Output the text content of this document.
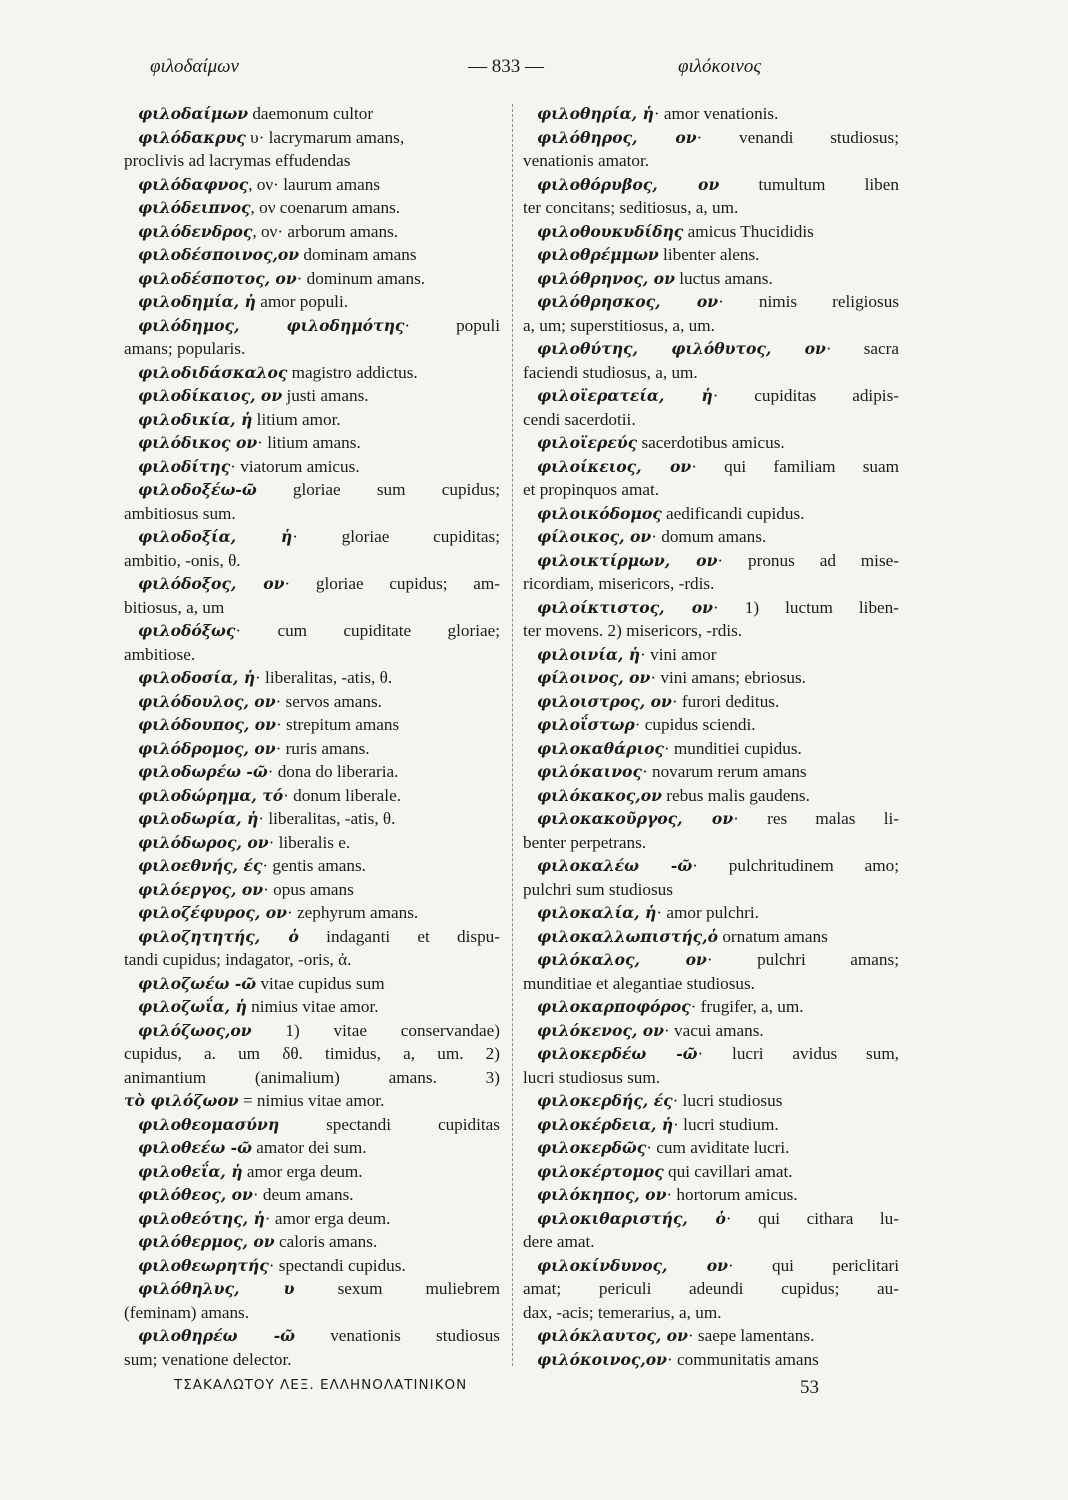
φιλοδαίμων	— 833 —	φιλόκοινος
φιλοδαίμων daemonum cultor
φιλόδακρυς υ· lacrymarum amans,
proclivis ad lacrymas effudendas
φιλόδαφνος, ον· laurum amans
φιλόδειπνος, ον coenarum amans.
φιλόδενδρος, ον· arborum amans.
φιλοδέσποινος,ον dominam amans
φιλοδέσποτος, ον· dominum amans.
φιλοδημία, ἡ amor populi.
φιλόδημος, φιλοδημότης· populi
amans; popularis.
φιλοδιδάσκαλος magistro addictus.
φιλοδίκαιος, ον justi amans.
φιλοδικία, ἡ litium amor.
φιλόδικος ον· litium amans.
φιλοδίτης· viatorum amicus.
φιλοδοξέω-ῶ gloriae sum cupidus;
ambitiosus sum.
φιλοδοξία, ἡ· gloriae cupiditas;
ambitio, -onis, θ.
φιλόδοξος, ον· gloriae cupidus; am-
bitiosus, a, um
φιλοδόξως· cum cupiditate gloriae;
ambitiose.
φιλοδοσία, ἡ· liberalitas, -atis, θ.
φιλόδουλος, ον· servos amans.
φιλόδουπος, ον· strepitum amans
φιλόδρομος, ον· ruris amans.
φιλοδωρέω -ῶ· dona do liberaria.
φιλοδώρημα, τό· donum liberale.
φιλοδωρία, ἡ· liberalitas, -atis, θ.
φιλόδωρος, ον· liberalis e.
φιλοεθνής, ές· gentis amans.
φιλόεργος, ον· opus amans
φιλοζέφυρος, ον· zephyrum amans.
φιλοζητητής, ὁ indaganti et dispu-
tandi cupidus; indagator, -oris, ἀ.
φιλοζωέω -ῶ vitae cupidus sum
φιλοζωΐα, ἡ nimius vitae amor.
φιλόζωος,ον 1) vitae conservandae)
cupidus, a. um δθ. timidus, a, um. 2)
animantium (animalium) amans. 3)
τὸ φιλόζωον = nimius vitae amor.
φιλοθεομασύνη spectandi cupiditas
φιλοθεέω -ῶ amator dei sum.
φιλοθεΐα, ἡ amor erga deum.
φιλόθεος, ον· deum amans.
φιλοθεότης, ἡ· amor erga deum.
φιλόθερμος, ον caloris amans.
φιλοθεωρητής· spectandi cupidus.
φιλόθηλυς, υ sexum muliebrem
(feminam) amans.
φιλοθηρέω -ῶ venationis studiosus
sum; venatione delector.
φιλοθηρία, ἡ· amor venationis.
φιλόθηρος, ον· venandi studiosus;
venationis amator.
φιλοθόρυβος, ον tumultum liben
ter concitans; seditiosus, a, um.
φιλοθουκυδίδης amicus Thucididis
φιλοθρέμμων libenter alens.
φιλόθρηνος, ον luctus amans.
φιλόθρησκος, ον· nimis religiosus
a, um; superstitiosus, a, um.
φιλοθύτης, φιλόθυτος, ον· sacra
faciendi studiosus, a, um.
φιλοϊερατεία, ἡ· cupiditas adipis-
cendi sacerdotii.
φιλοϊερεύς sacerdotibus amicus.
φιλοίκειος, ον· qui familiam suam
et propinquos amat.
φιλοικόδομος aedificandi cupidus.
φίλοικος, ον· domum amans.
φιλοικτίρμων, ον· pronus ad mise-
ricordiam, misericors, -rdis.
φιλοίκτιστος, ον· 1) luctum liben-
ter movens. 2) misericors, -rdis.
φιλοινία, ἡ· vini amor
φίλοινος, ον· vini amans; ebriosus.
φιλοιστρος, ον· furori deditus.
φιλοΐστωρ· cupidus sciendi.
φιλοκαθάριος· munditiei cupidus.
φιλόκαινος· novarum rerum amans
φιλόκακος,ον rebus malis gaudens.
φιλοκακοῦργος, ον· res malas li-
benter perpetrans.
φιλοκαλέω -ῶ· pulchritudinem amo;
pulchri sum studiosus
φιλοκαλία, ἡ· amor pulchri.
φιλοκαλλωπιστής,ὁ ornatum amans
φιλόκαλος, ον· pulchri amans;
munditiae et alegantiae studiosus.
φιλοκαρποφόρος· frugifer, a, um.
φιλόκενος, ον· vacui amans.
φιλοκερδέω -ῶ· lucri avidus sum,
lucri studiosus sum.
φιλοκερδής, ές· lucri studiosus
φιλοκέρδεια, ἡ· lucri studium.
φιλοκερδῶς· cum aviditate lucri.
φιλοκέρτομος qui cavillari amat.
φιλόκηπος, ον· hortorum amicus.
φιλοκιθαριστής, ὁ· qui cithara lu-
dere amat.
φιλοκίνδυνος, ον· qui periclitari
amat; periculi adeundi cupidus; au-
dax, -acis; temerarius, a, um.
φιλόκλαυτος, ον· saepe lamentans.
φιλόκοινος,ον· communitatis amans
ΤΣΑΚΑΛΩΤΟΥ ΛΕΞ. ΕΛΛΗΝΟΛΑΤΙΝΙΚΟΝ	53
